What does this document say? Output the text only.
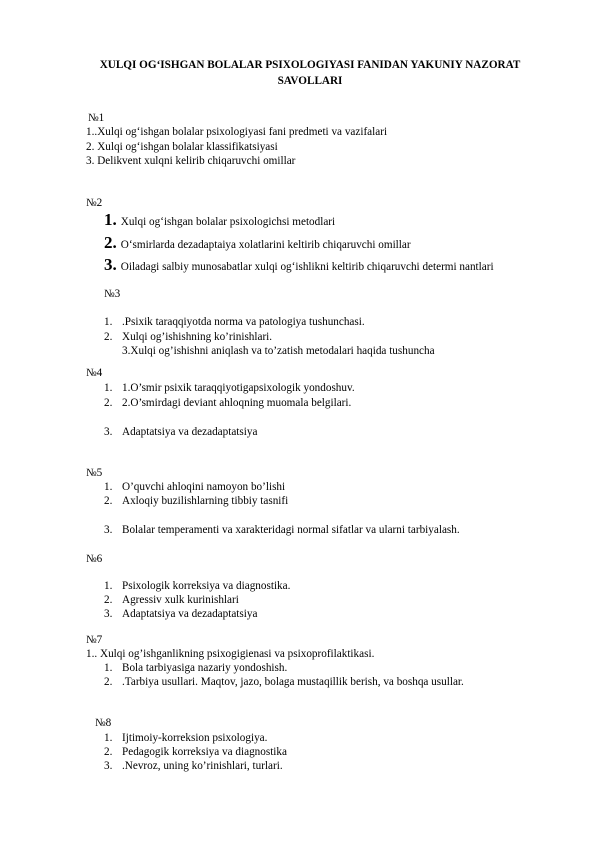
XULQI OG‘ISHGAN BOLALAR PSIXOLOGIYASI FANIDAN YAKUNIY NAZORAT
SAVOLLARI
№1
1..Xulqi og‘ishgan bolalar psixologiyasi fani predmeti va vazifalari
2. Xulqi og‘ishgan bolalar klassifikatsiyasi
3. Delikvent xulqni kelirib chiqaruvchi omillar
№2
1. Xulqi og‘ishgan bolalar psixologichsi metodlari
2. O‘smirlarda dezadaptaiya xolatlarini keltirib chiqaruvchi omillar
3. Oiladagi salbiy munosabatlar xulqi og‘ishlikni keltirib chiqaruvchi determi nantlari
№3
1. .Psixik taraqqiyotda norma va patologiya tushunchasi.
2. Xulqi og’ishishning ko’rinishlari.
3.Xulqi og’ishishni aniqlash va to’zatish metodalari haqida tushuncha
№4
1. 1.O’smir psixik taraqqiyotigapsixologik yondoshuv.
2. 2.O’smirdagi deviant ahloqning muomala belgilari.
3. Adaptatsiya va dezadaptatsiya
№5
1. O’quvchi ahloqini namoyon bo’lishi
2. Axloqiy buzilishlarning tibbiy tasnifi
3. Bolalar temperamenti va xarakteridagi normal sifatlar va ularni tarbiyalash.
№6
1. Psixologik korreksiya va diagnostika.
2. Agressiv xulk kurinishlari
3. Adaptatsiya va dezadaptatsiya
№7
1.. Xulqi og’ishganlikning psixogigienasi va psixoprofilaktikasi.
1. Bola tarbiyasiga nazariy yondoshish.
2. .Tarbiya usullari. Maqtov, jazo, bolaga mustaqillik berish, va boshqa usullar.
№8
1. Ijtimoiy-korreksion psixologiya.
2. Pedagogik korreksiya va diagnostika
3. .Nevroz, uning ko’rinishlari, turlari.
